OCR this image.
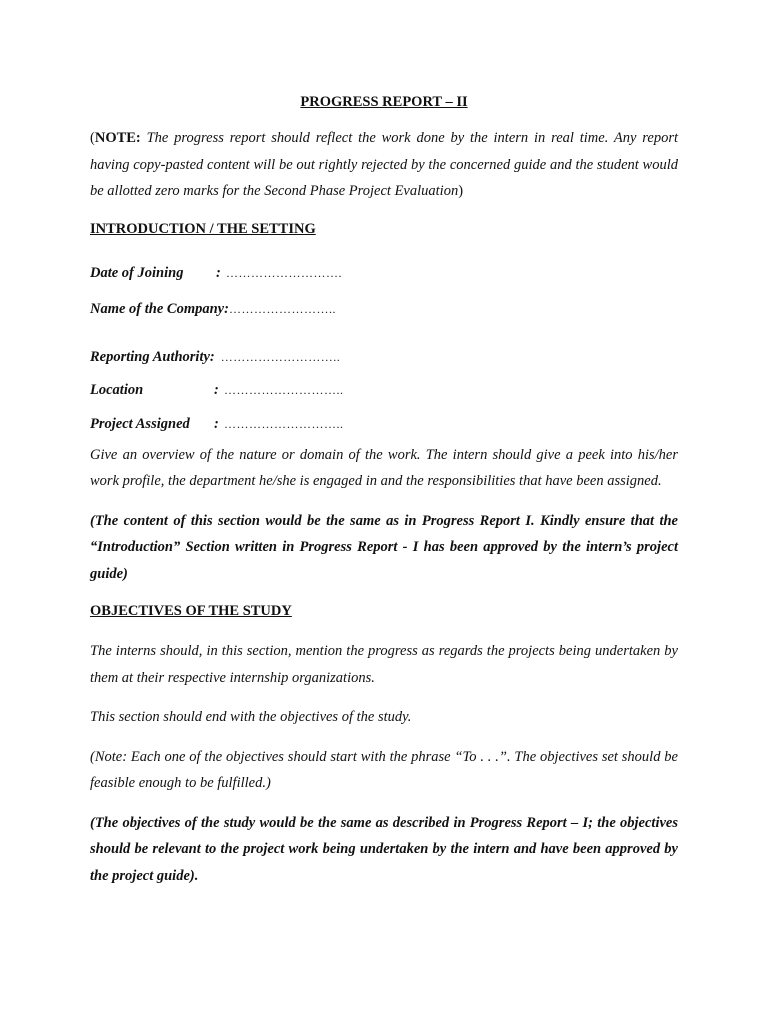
PROGRESS REPORT – II

(NOTE: The progress report should reflect the work done by the intern in real time. Any report having copy-pasted content will be out rightly rejected by the concerned guide and the student would be allotted zero marks for the Second Phase Project Evaluation)

INTRODUCTION / THE SETTING
Date of Joining : ……………………….
Name of the Company:……………………..
Reporting Authority: ………………………..
Location	: ………………………..
Project Assigned : ………………………..

Give an overview of the nature or domain of the work. The intern should give a peek into his/her work profile, the department he/she is engaged in and the responsibilities that have been assigned.

(The content of this section would be the same as in Progress Report I. Kindly ensure that the “Introduction” Section written in Progress Report - I has been approved by the intern’s project guide)

OBJECTIVES OF THE STUDY

The interns should, in this section, mention the progress as regards the projects being undertaken by them at their respective internship organizations.

This section should end with the objectives of the study.

(Note: Each one of the objectives should start with the phrase “To . . .”. The objectives set should be feasible enough to be fulfilled.)

(The objectives of the study would be the same as described in Progress Report – I; the objectives should be relevant to the project work being undertaken by the intern and have been approved by the project guide).
